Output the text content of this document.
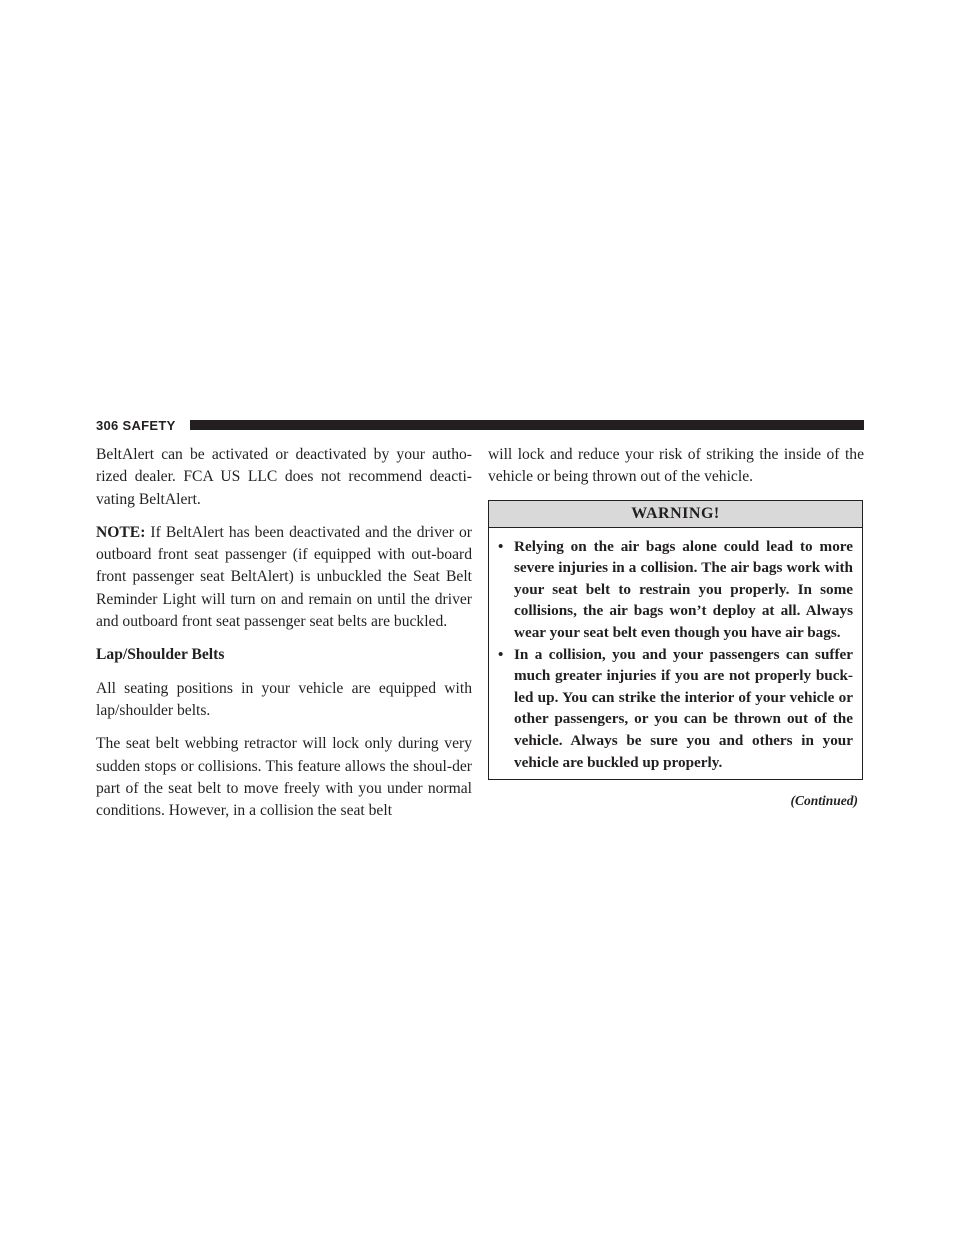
306 SAFETY

BeltAlert can be activated or deactivated by your autho-rized dealer. FCA US LLC does not recommend deacti-vating BeltAlert.

NOTE: If BeltAlert has been deactivated and the driver or outboard front seat passenger (if equipped with out-board front passenger seat BeltAlert) is unbuckled the Seat Belt Reminder Light will turn on and remain on until the driver and outboard front seat passenger seat belts are buckled.

Lap/Shoulder Belts

All seating positions in your vehicle are equipped with lap/shoulder belts.

The seat belt webbing retractor will lock only during very sudden stops or collisions. This feature allows the shoul-der part of the seat belt to move freely with you under normal conditions. However, in a collision the seat belt

will lock and reduce your risk of striking the inside of the vehicle or being thrown out of the vehicle.

WARNING!
• Relying on the air bags alone could lead to more severe injuries in a collision. The air bags work with your seat belt to restrain you properly. In some collisions, the air bags won’t deploy at all. Always wear your seat belt even though you have air bags.
• In a collision, you and your passengers can suffer much greater injuries if you are not properly buck-led up. You can strike the interior of your vehicle or other passengers, or you can be thrown out of the vehicle. Always be sure you and others in your vehicle are buckled up properly.
(Continued)
